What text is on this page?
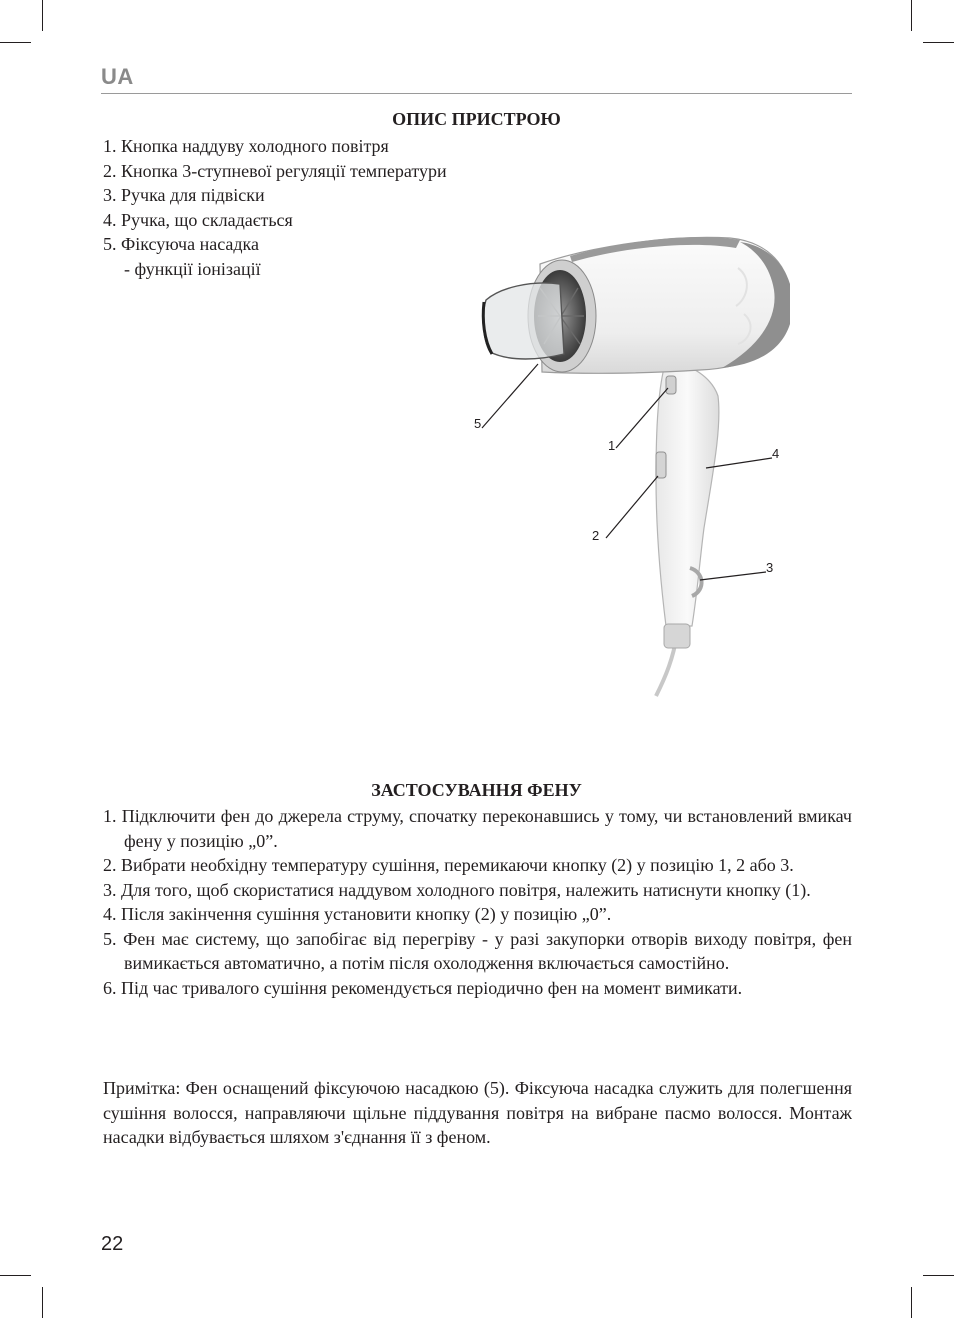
UA
ОПИС ПРИСТРОЮ
1. Кнопка наддуву холодного повітря
2. Кнопка 3-ступневої регуляції температури
3. Ручка для підвіски
4. Ручка, що складається
5. Фіксуюча насадка
- функції іонізації
5
1
4
2
3
ЗАСТОСУВАННЯ ФЕНУ
1. Підключити фен до джерела струму, спочатку переконавшись у тому, чи встановлений вмикач фену у позицію „0”.
2. Вибрати необхідну температуру сушіння, перемикаючи кнопку (2) у позицію 1, 2 або 3.
3. Для того, щоб скористатися наддувом холодного повітря, належить натиснути кнопку (1).
4. Після закінчення сушіння установити кнопку (2) у позицію „0”.
5. Фен має систему, що запобігає від перегріву - у разі закупорки отворів виходу повітря, фен вимикається автоматично, а потім після охолодження включається самостійно.
6. Під час тривалого сушіння рекомендується періодично фен на момент вимикати.

Примітка: Фен оснащений фіксуючою насадкою (5). Фіксуюча насадка служить для полегшення сушіння волосся, направляючи щільне піддування повітря на вибране пасмо волосся. Монтаж насадки відбувається шляхом з'єднання її з феном.

22
